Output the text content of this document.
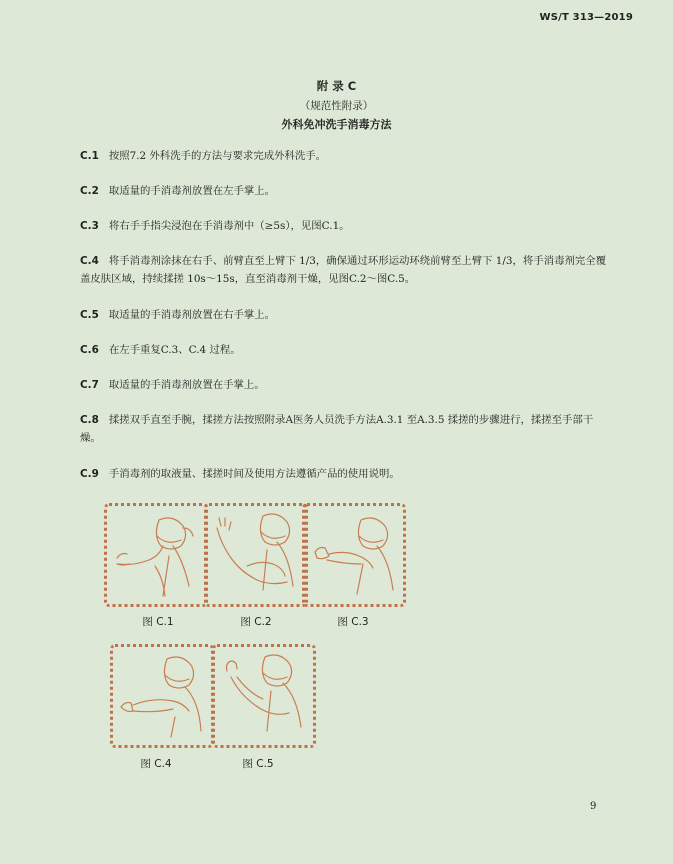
WS/T 313—2019
附 录 C
（规范性附录）
外科免冲洗手消毒方法

C.1 按照7.2 外科洗手的方法与要求完成外科洗手。

C.2 取适量的手消毒剂放置在左手掌上。

C.3 将右手手指尖浸泡在手消毒剂中（≥5s），见图C.1。

C.4 将手消毒剂涂抹在右手、前臂直至上臂下 1/3，确保通过环形运动环绕前臂至上臂下 1/3，将手消毒剂完全覆盖皮肤区域，持续揉搓 10s～15s，直至消毒剂干燥，见图C.2～图C.5。

C.5 取适量的手消毒剂放置在右手掌上。

C.6 在左手重复C.3、C.4 过程。

C.7 取适量的手消毒剂放置在手掌上。

C.8 揉搓双手直至手腕，揉搓方法按照附录A医务人员洗手方法A.3.1 至A.3.5 揉搓的步骤进行，揉搓至手部干燥。

C.9 手消毒剂的取液量、揉搓时间及使用方法遵循产品的使用说明。

图 C.1	图 C.2	图 C.3
图 C.4	图 C.5
9
